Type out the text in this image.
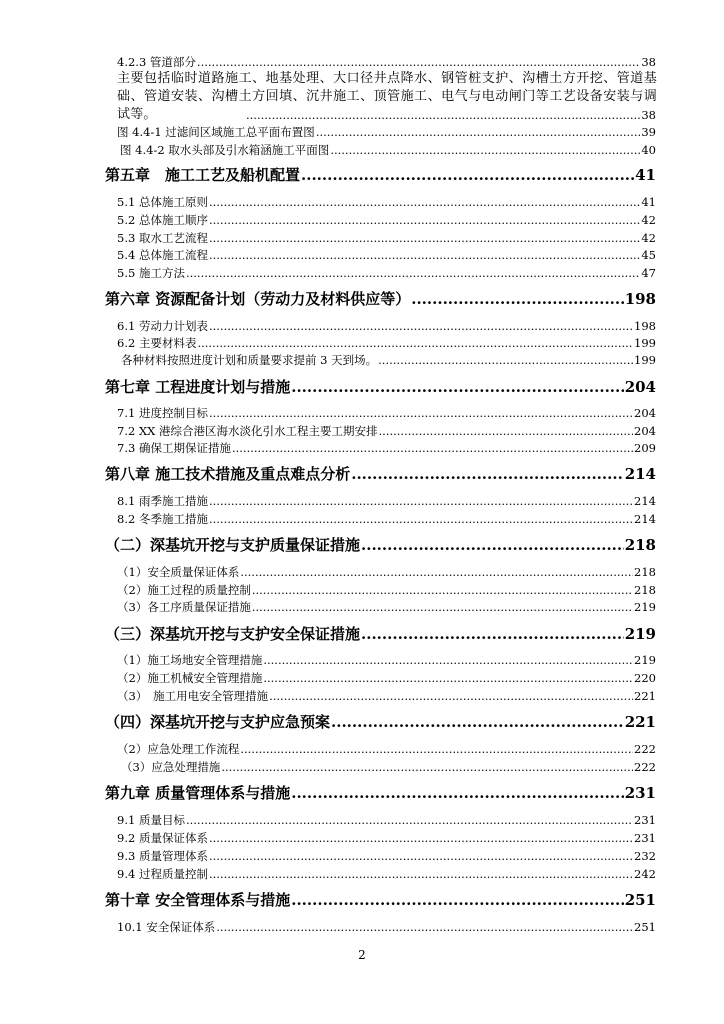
4.2.3 管道部分 .....	38
主要包括临时道路施工、地基处理、大口径井点降水、钢管桩支护、沟槽土方开挖、管道基础、管道安装、沟槽土方回填、沉井施工、顶管施工、电气与电动闸门等工艺设备安装与调试等。 .....	38
图 4.4-1 过滤间区域施工总平面布置图 .....	39
图 4.4-2 取水头部及引水箱涵施工平面图 .....	40
第五章　施工工艺及船机配置 .....	41
5.1 总体施工原则 .....	41
5.2 总体施工顺序 .....	42
5.3 取水工艺流程 .....	42
5.4 总体施工流程 .....	45
5.5 施工方法 .....	47
第六章 资源配备计划（劳动力及材料供应等） .....	198
6.1 劳动力计划表 .....	198
6.2 主要材料表 .....	199
各种材料按照进度计划和质量要求提前 3 天到场。 .....	199
第七章 工程进度计划与措施 .....	204
7.1 进度控制目标 .....	204
7.2 XX 港综合港区海水淡化引水工程主要工期安排 .....	204
7.3 确保工期保证措施 .....	209
第八章 施工技术措施及重点难点分析 .....	214
8.1 雨季施工措施 .....	214
8.2 冬季施工措施 .....	214
（二）深基坑开挖与支护质量保证措施 .....	218
（1）安全质量保证体系 .....	218
（2）施工过程的质量控制 .....	218
（3）各工序质量保证措施 .....	219
（三）深基坑开挖与支护安全保证措施 .....	219
（1）施工场地安全管理措施 .....	219
（2）施工机械安全管理措施 .....	220
（3）　施工用电安全管理措施 .....	221
（四）深基坑开挖与支护应急预案 .....	221
（2）应急处理工作流程 .....	222
（3）应急处理措施 .....	222
第九章 质量管理体系与措施 .....	231
9.1 质量目标 .....	231
9.2 质量保证体系 .....	231
9.3 质量管理体系 .....	232
9.4 过程质量控制 .....	242
第十章 安全管理体系与措施 .....	251
10.1 安全保证体系 .....	251
2
